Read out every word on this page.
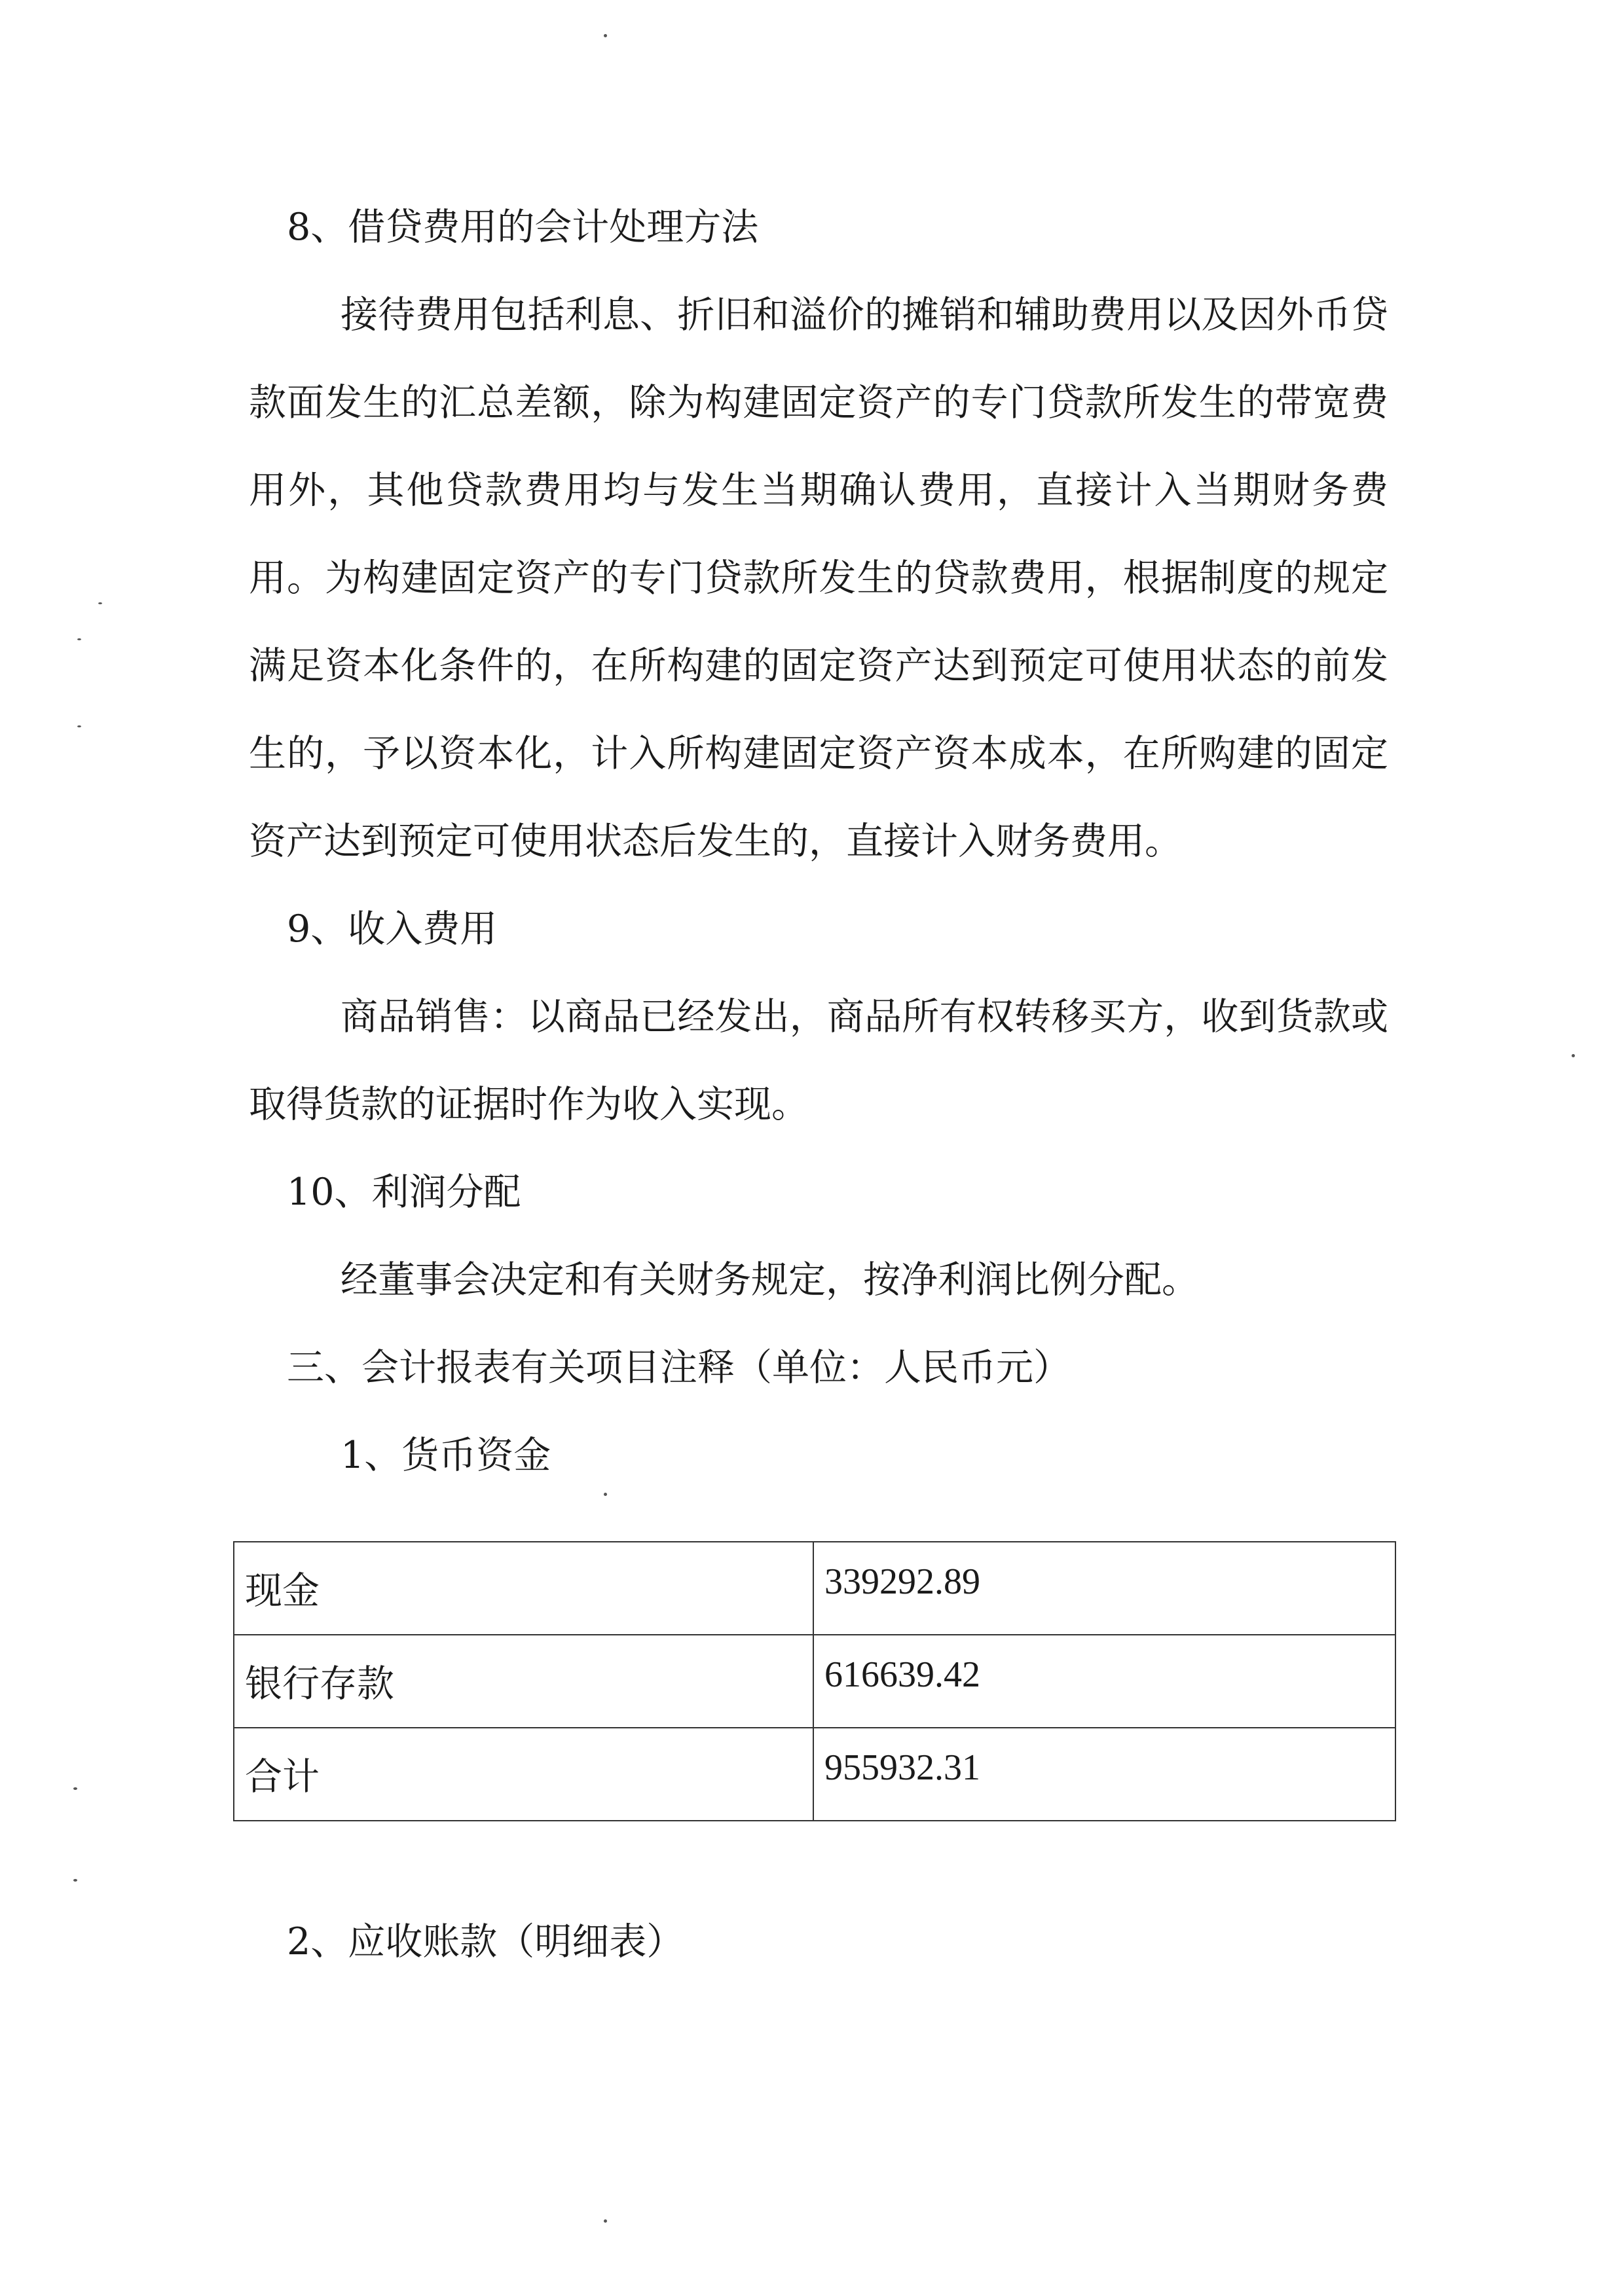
8、借贷费用的会计处理方法

接待费用包括利息、折旧和溢价的摊销和辅助费用以及因外币贷款面发生的汇总差额，除为构建固定资产的专门贷款所发生的带宽费用外，其他贷款费用均与发生当期确认费用，直接计入当期财务费用。为构建固定资产的专门贷款所发生的贷款费用，根据制度的规定满足资本化条件的，在所构建的固定资产达到预定可使用状态的前发生的，予以资本化，计入所构建固定资产资本成本，在所购建的固定资产达到预定可使用状态后发生的，直接计入财务费用。

9、收入费用

商品销售：以商品已经发出，商品所有权转移买方，收到货款或取得货款的证据时作为收入实现。

10、利润分配

经董事会决定和有关财务规定，按净利润比例分配。

三、会计报表有关项目注释（单位：人民币元）

1、货币资金

现金	339292.89
银行存款	616639.42
合计	955932.31
2、应收账款（明细表）
